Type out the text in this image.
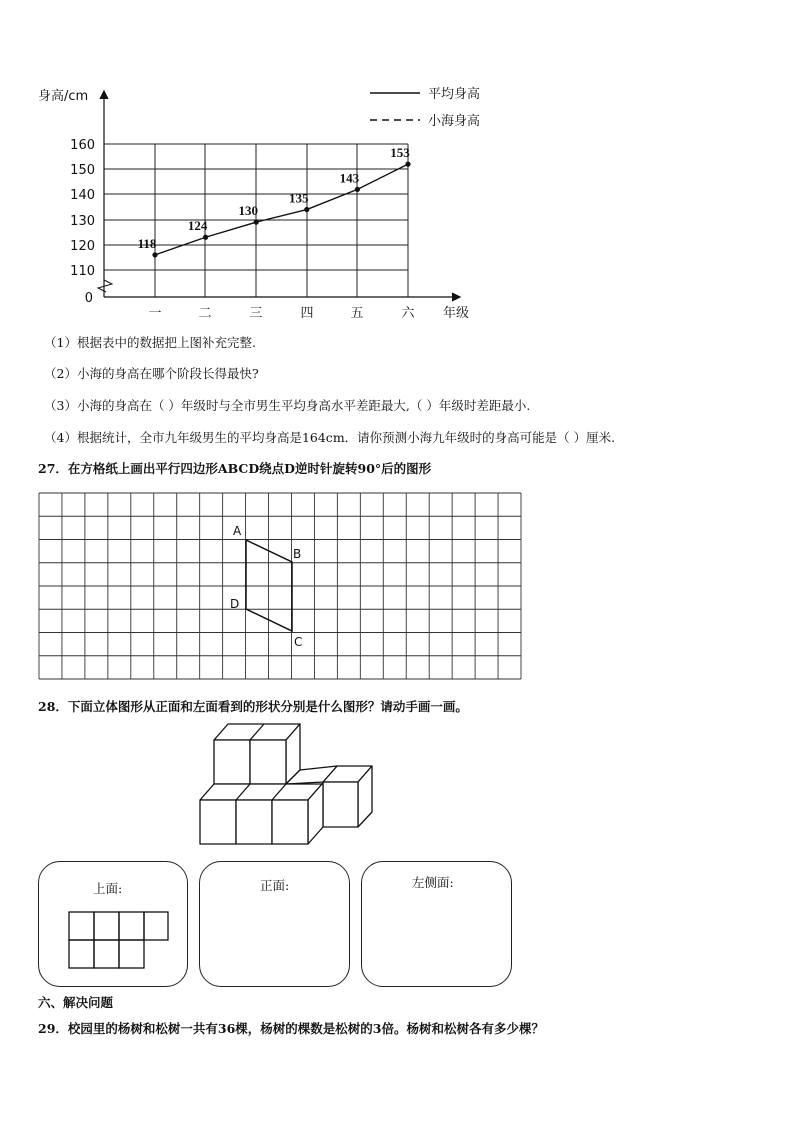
身高/cm
160
150
140
130
120
110
0
一	二	三	四	五	六 年级
平均身高
小海身高
118
124
130
135
143
153
（1）根据表中的数据把上图补充完整.
（2）小海的身高在哪个阶段长得最快?
（3）小海的身高在（ ）年级时与全市男生平均身高水平差距最大,（ ）年级时差距最小.
（4）根据统计，全市九年级男生的平均身高是164cm．请你预测小海九年级时的身高可能是（ ）厘米.
27．在方格纸上画出平行四边形ABCD绕点D逆时针旋转90°后的图形
A
B
C
D
28．下面立体图形从正面和左面看到的形状分别是什么图形？请动手画一画。
上面:	正面:	左侧面:
六、解决问题
29．校园里的杨树和松树一共有36棵，杨树的棵数是松树的3倍。杨树和松树各有多少棵？
